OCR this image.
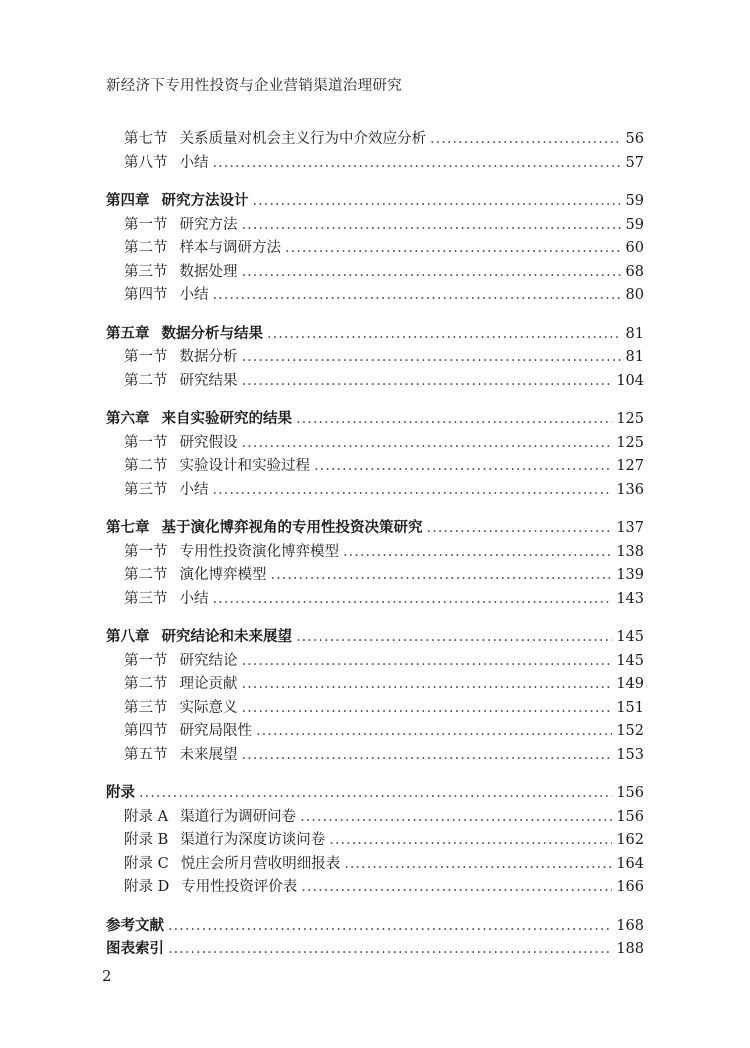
新经济下专用性投资与企业营销渠道治理研究
第七节 关系质量对机会主义行为中介效应分析 .....	56
第八节 小结 .....	57
第四章 研究方法设计 .....	59
第一节 研究方法 .....	59
第二节 样本与调研方法 .....	60
第三节 数据处理 .....	68
第四节 小结 .....	80
第五章 数据分析与结果 .....	81
第一节 数据分析 .....	81
第二节 研究结果 .....	104
第六章 来自实验研究的结果 .....	125
第一节 研究假设 .....	125
第二节 实验设计和实验过程 .....	127
第三节 小结 .....	136
第七章 基于演化博弈视角的专用性投资决策研究 .....	137
第一节 专用性投资演化博弈模型 .....	138
第二节 演化博弈模型 .....	139
第三节 小结 .....	143
第八章 研究结论和未来展望 .....	145
第一节 研究结论 .....	145
第二节 理论贡献 .....	149
第三节 实际意义 .....	151
第四节 研究局限性 .....	152
第五节 未来展望 .....	153
附录 .....	156
附录 A 渠道行为调研问卷 .....	156
附录 B 渠道行为深度访谈问卷 .....	162
附录 C 悦庄会所月营收明细报表 .....	164
附录 D 专用性投资评价表 .....	166
参考文献 .....	168
图表索引 .....	188
2
